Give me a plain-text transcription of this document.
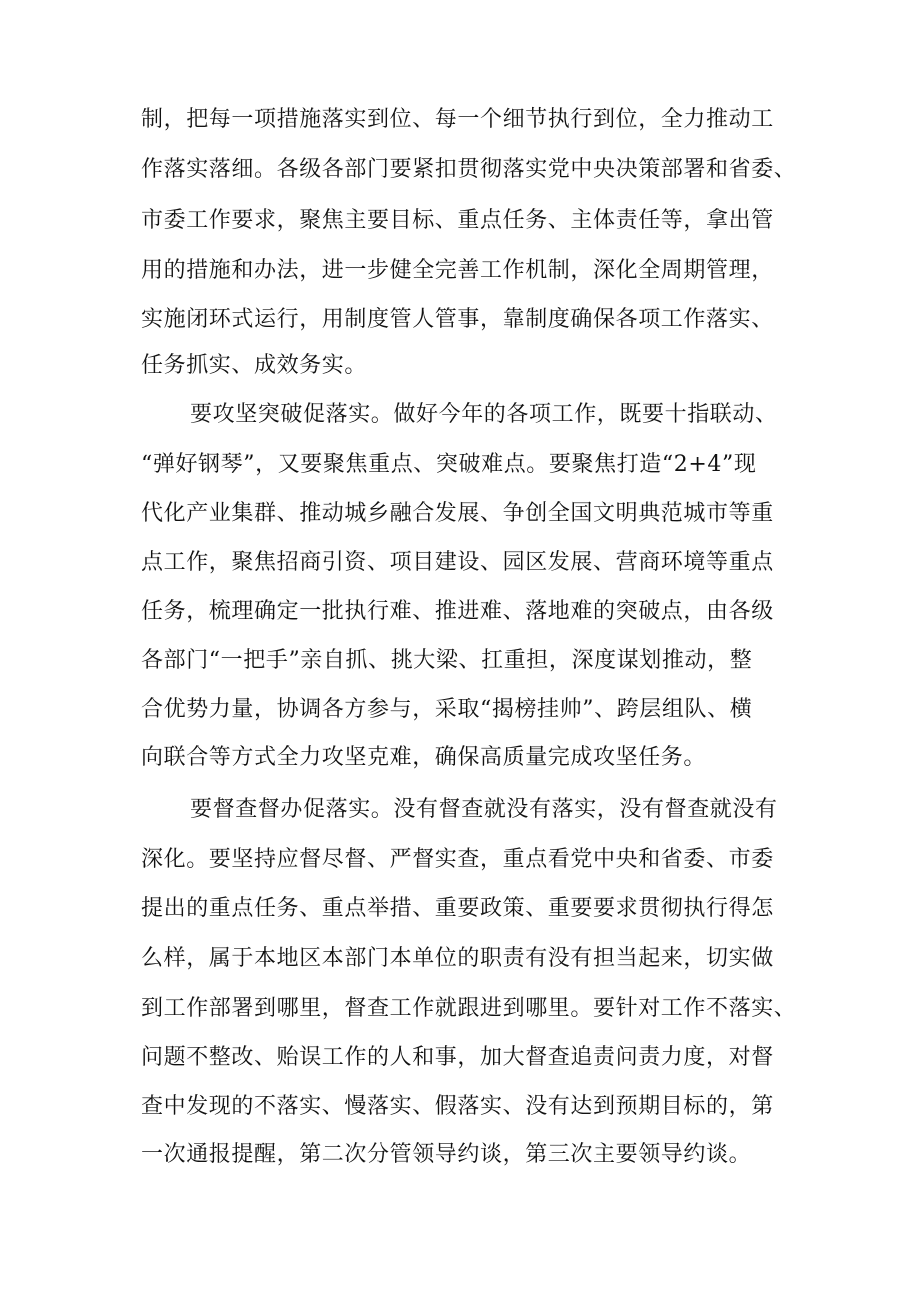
制，把每一项措施落实到位、每一个细节执行到位，全力推动工
作落实落细。各级各部门要紧扣贯彻落实党中央决策部署和省委、
市委工作要求，聚焦主要目标、重点任务、主体责任等，拿出管
用的措施和办法，进一步健全完善工作机制，深化全周期管理，
实施闭环式运行，用制度管人管事，靠制度确保各项工作落实、
任务抓实、成效务实。
要攻坚突破促落实。做好今年的各项工作，既要十指联动、
“弹好钢琴”，又要聚焦重点、突破难点。要聚焦打造“2+4”现
代化产业集群、推动城乡融合发展、争创全国文明典范城市等重
点工作，聚焦招商引资、项目建设、园区发展、营商环境等重点
任务，梳理确定一批执行难、推进难、落地难的突破点，由各级
各部门“一把手”亲自抓、挑大梁、扛重担，深度谋划推动，整
合优势力量，协调各方参与，采取“揭榜挂帅”、跨层组队、横
向联合等方式全力攻坚克难，确保高质量完成攻坚任务。
要督查督办促落实。没有督查就没有落实，没有督查就没有
深化。要坚持应督尽督、严督实查，重点看党中央和省委、市委
提出的重点任务、重点举措、重要政策、重要要求贯彻执行得怎
么样，属于本地区本部门本单位的职责有没有担当起来，切实做
到工作部署到哪里，督查工作就跟进到哪里。要针对工作不落实、
问题不整改、贻误工作的人和事，加大督查追责问责力度，对督
查中发现的不落实、慢落实、假落实、没有达到预期目标的，第
一次通报提醒，第二次分管领导约谈，第三次主要领导约谈。
